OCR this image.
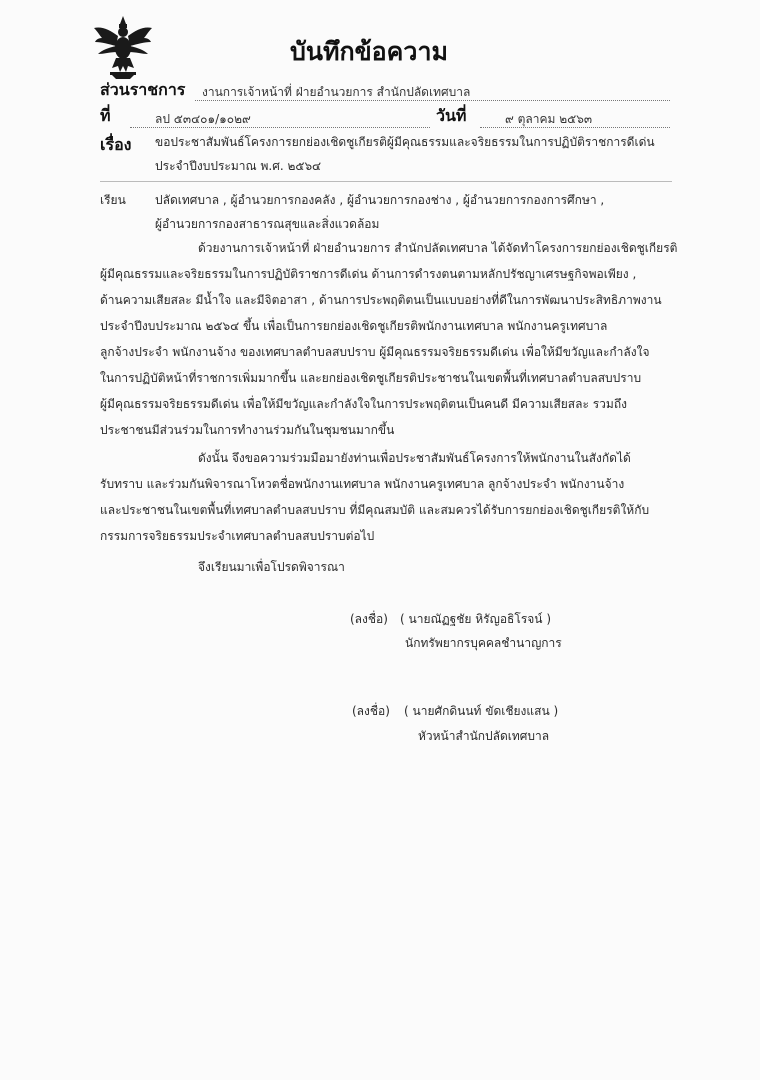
บันทึกข้อความ
ส่วนราชการ งานการเจ้าหน้าที่ ฝ่ายอำนวยการ สำนักปลัดเทศบาล
ที่	ลป ๕๓๔๐๑/๑๐๒๙	วันที่	๙ ตุลาคม ๒๕๖๓
เรื่อง ขอประชาสัมพันธ์โครงการยกย่องเชิดชูเกียรติผู้มีคุณธรรมและจริยธรรมในการปฏิบัติราชการดีเด่น
ประจำปีงบประมาณ พ.ศ. ๒๕๖๔
เรียน ปลัดเทศบาล , ผู้อำนวยการกองคลัง , ผู้อำนวยการกองช่าง , ผู้อำนวยการกองการศึกษา ,
ผู้อำนวยการกองสาธารณสุขและสิ่งแวดล้อม
ด้วยงานการเจ้าหน้าที่ ฝ่ายอำนวยการ สำนักปลัดเทศบาล ได้จัดทำโครงการยกย่องเชิดชูเกียรติ
ผู้มีคุณธรรมและจริยธรรมในการปฏิบัติราชการดีเด่น ด้านการดำรงตนตามหลักปรัชญาเศรษฐกิจพอเพียง ,
ด้านความเสียสละ มีน้ำใจ และมีจิตอาสา , ด้านการประพฤติตนเป็นแบบอย่างที่ดีในการพัฒนาประสิทธิภาพงาน
ประจำปีงบประมาณ ๒๕๖๔ ขึ้น เพื่อเป็นการยกย่องเชิดชูเกียรติพนักงานเทศบาล พนักงานครูเทศบาล
ลูกจ้างประจำ พนักงานจ้าง ของเทศบาลตำบลสบปราบ ผู้มีคุณธรรมจริยธรรมดีเด่น เพื่อให้มีขวัญและกำลังใจ
ในการปฏิบัติหน้าที่ราชการเพิ่มมากขึ้น และยกย่องเชิดชูเกียรติประชาชนในเขตพื้นที่เทศบาลตำบลสบปราบ
ผู้มีคุณธรรมจริยธรรมดีเด่น เพื่อให้มีขวัญและกำลังใจในการประพฤติตนเป็นคนดี มีความเสียสละ รวมถึง
ประชาชนมีส่วนร่วมในการทำงานร่วมกันในชุมชนมากขึ้น
ดังนั้น จึงขอความร่วมมือมายังท่านเพื่อประชาสัมพันธ์โครงการให้พนักงานในสังกัดได้
รับทราบ และร่วมกันพิจารณาโหวตชื่อพนักงานเทศบาล พนักงานครูเทศบาล ลูกจ้างประจำ พนักงานจ้าง
และประชาชนในเขตพื้นที่เทศบาลตำบลสบปราบ ที่มีคุณสมบัติ และสมควรได้รับการยกย่องเชิดชูเกียรติให้กับ
กรรมการจริยธรรมประจำเทศบาลตำบลสบปราบต่อไป
จึงเรียนมาเพื่อโปรดพิจารณา
(ลงชื่อ) ( นายณัฏฐชัย หิรัญอธิโรจน์ )
นักทรัพยากรบุคคลชำนาญการ
(ลงชื่อ) ( นายศักดินนท์ ขัดเชียงแสน )
หัวหน้าสำนักปลัดเทศบาล
